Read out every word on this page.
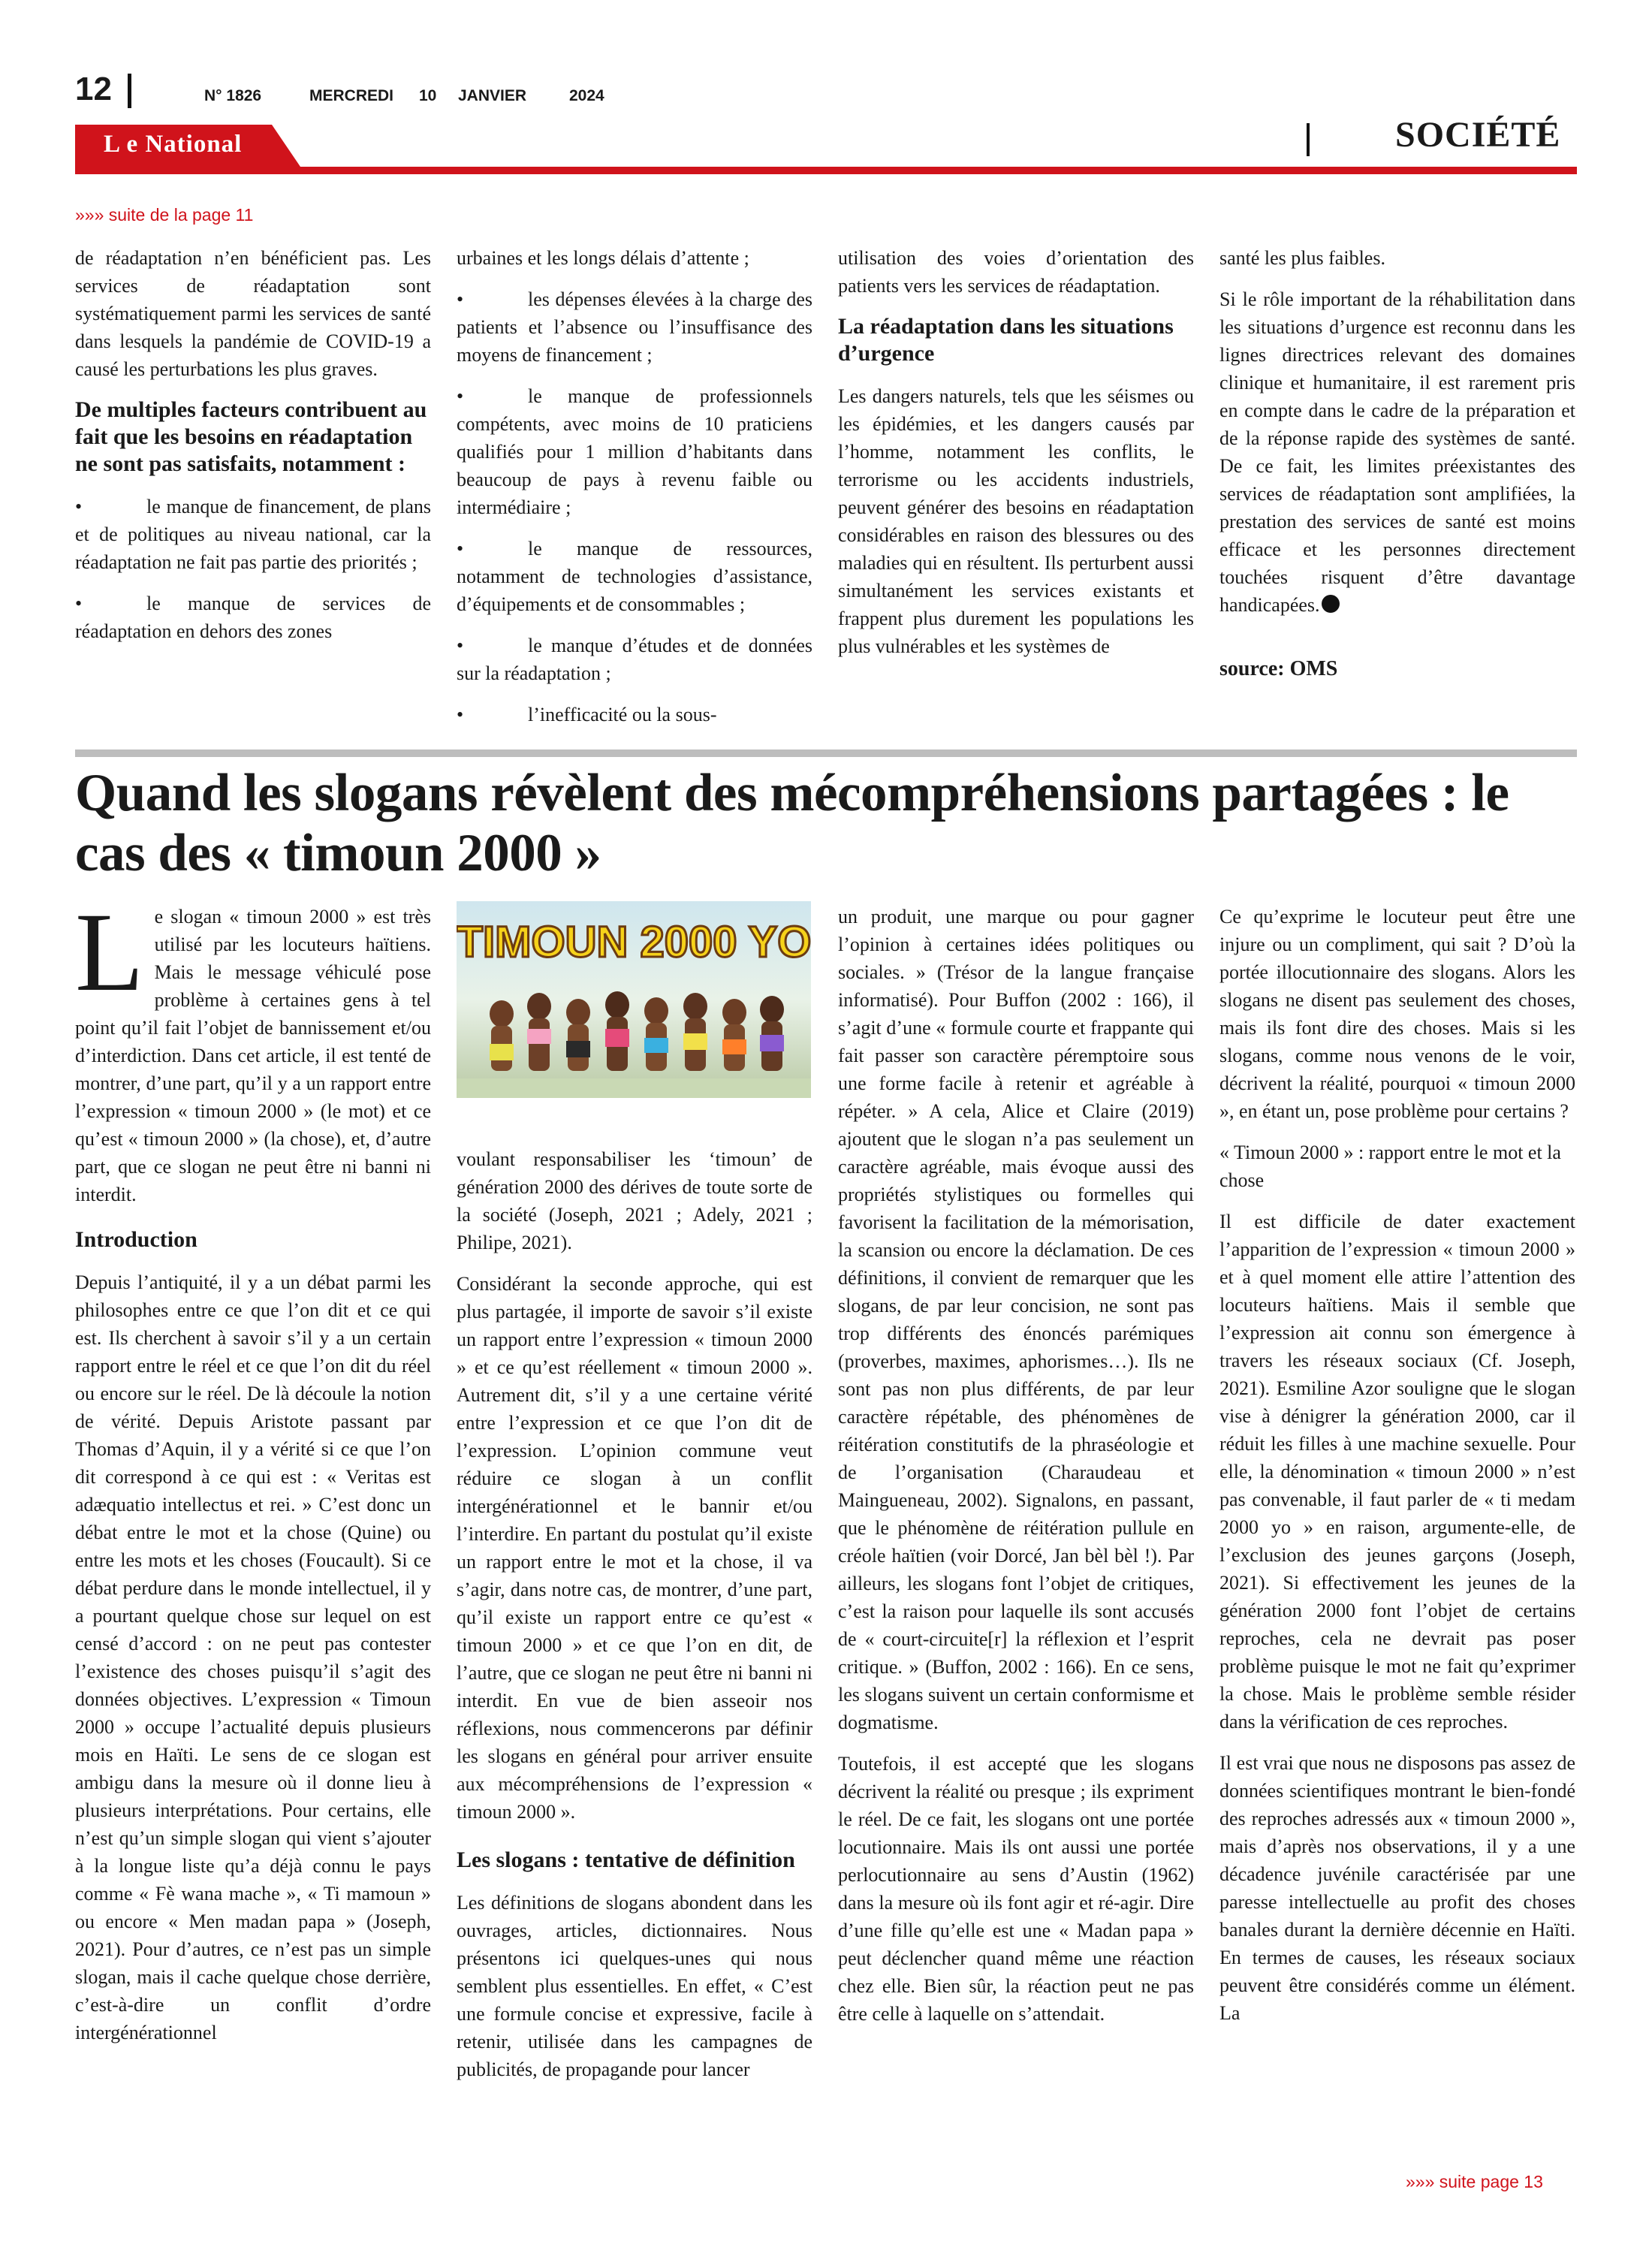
12	N° 1826	MERCREDI 10 JANVIER	2024
L e National	SOCIÉTÉ
»»» suite de la page 11

de réadaptation n’en bénéficient pas. Les services de réadaptation sont systématiquement parmi les services de santé dans lesquels la pandémie de COVID-19 a causé les perturbations les plus graves.

De multiples facteurs contribuent au fait que les besoins en réadaptation ne sont pas satisfaits, notamment :

•	le manque de financement, de plans et de politiques au niveau national, car la réadaptation ne fait pas partie des priorités ;

•	le manque de services de réadaptation en dehors des zones

urbaines et les longs délais d’attente ;

•	les dépenses élevées à la charge des patients et l’absence ou l’insuffisance des moyens de financement ;

•	le manque de professionnels compétents, avec moins de 10 praticiens qualifiés pour 1 million d’habitants dans beaucoup de pays à revenu faible ou intermédiaire ;

•	le manque de ressources, notamment de technologies d’assistance, d’équipements et de consommables ;

•	le manque d’études et de données sur la réadaptation ;

•	l’inefficacité ou la sous-

utilisation des voies d’orientation des patients vers les services de réadaptation.

La réadaptation dans les situations d’urgence

Les dangers naturels, tels que les séismes ou les épidémies, et les dangers causés par l’homme, notamment les conflits, le terrorisme ou les accidents industriels, peuvent générer des besoins en réadaptation considérables en raison des blessures ou des maladies qui en résultent. Ils perturbent aussi simultanément les services existants et frappent plus durement les populations les plus vulnérables et les systèmes de

santé les plus faibles.

Si le rôle important de la réhabilitation dans les situations d’urgence est reconnu dans les lignes directrices relevant des domaines clinique et humanitaire, il est rarement pris en compte dans le cadre de la préparation et de la réponse rapide des systèmes de santé. De ce fait, les limites préexistantes des services de réadaptation sont amplifiées, la prestation des services de santé est moins efficace et les personnes directement touchées risquent d’être davantage handicapées.

source: OMS

Quand les slogans révèlent des mécompréhensions partagées : le cas des « timoun 2000 »

Le slogan « timoun 2000 » est très utilisé par les locuteurs haïtiens. Mais le message véhiculé pose problème à certaines gens à tel point qu’il fait l’objet de bannissement et/ou d’interdiction. Dans cet article, il est tenté de montrer, d’une part, qu’il y a un rapport entre l’expression « timoun 2000 » (le mot) et ce qu’est « timoun 2000 » (la chose), et, d’autre part, que ce slogan ne peut être ni banni ni interdit.

Introduction

Depuis l’antiquité, il y a un débat parmi les philosophes entre ce que l’on dit et ce qui est. Ils cherchent à savoir s’il y a un certain rapport entre le réel et ce que l’on dit du réel ou encore sur le réel. De là découle la notion de vérité. Depuis Aristote passant par Thomas d’Aquin, il y a vérité si ce que l’on dit correspond à ce qui est : « Veritas est adæquatio intellectus et rei. » C’est donc un débat entre le mot et la chose (Quine) ou entre les mots et les choses (Foucault). Si ce débat perdure dans le monde intellectuel, il y a pourtant quelque chose sur lequel on est censé d’accord : on ne peut pas contester l’existence des choses puisqu’il s’agit des données objectives. L’expression « Timoun 2000 » occupe l’actualité depuis plusieurs mois en Haïti. Le sens de ce slogan est ambigu dans la mesure où il donne lieu à plusieurs interprétations. Pour certains, elle n’est qu’un simple slogan qui vient s’ajouter à la longue liste qu’a déjà connu le pays comme « Fè wana mache », « Ti mamoun » ou encore « Men madan papa » (Joseph, 2021). Pour d’autres, ce n’est pas un simple slogan, mais il cache quelque chose derrière, c’est-à-dire un conflit d’ordre intergénérationnel

TIMOUN 2000 YO

voulant responsabiliser les ‘timoun’ de génération 2000 des dérives de toute sorte de la société (Joseph, 2021 ; Adely, 2021 ; Philipe, 2021).

Considérant la seconde approche, qui est plus partagée, il importe de savoir s’il existe un rapport entre l’expression « timoun 2000 » et ce qu’est réellement « timoun 2000 ». Autrement dit, s’il y a une certaine vérité entre l’expression et ce que l’on dit de l’expression. L’opinion commune veut réduire ce slogan à un conflit intergénérationnel et le bannir et/ou l’interdire. En partant du postulat qu’il existe un rapport entre le mot et la chose, il va s’agir, dans notre cas, de montrer, d’une part, qu’il existe un rapport entre ce qu’est « timoun 2000 » et ce que l’on en dit, de l’autre, que ce slogan ne peut être ni banni ni interdit. En vue de bien asseoir nos réflexions, nous commencerons par définir les slogans en général pour arriver ensuite aux mécompréhensions de l’expression « timoun 2000 ».

Les slogans : tentative de définition

Les définitions de slogans abondent dans les ouvrages, articles, dictionnaires. Nous présentons ici quelques-unes qui nous semblent plus essentielles. En effet, « C’est une formule concise et expressive, facile à retenir, utilisée dans les campagnes de publicités, de propagande pour lancer

un produit, une marque ou pour gagner l’opinion à certaines idées politiques ou sociales. » (Trésor de la langue française informatisé). Pour Buffon (2002 : 166), il s’agit d’une « formule courte et frappante qui fait passer son caractère péremptoire sous une forme facile à retenir et agréable à répéter. » A cela, Alice et Claire (2019) ajoutent que le slogan n’a pas seulement un caractère agréable, mais évoque aussi des propriétés stylistiques ou formelles qui favorisent la facilitation de la mémorisation, la scansion ou encore la déclamation. De ces définitions, il convient de remarquer que les slogans, de par leur concision, ne sont pas trop différents des énoncés parémiques (proverbes, maximes, aphorismes…). Ils ne sont pas non plus différents, de par leur caractère répétable, des phénomènes de réitération constitutifs de la phraséologie et de l’organisation (Charaudeau et Maingueneau, 2002). Signalons, en passant, que le phénomène de réitération pullule en créole haïtien (voir Dorcé, Jan bèl bèl !). Par ailleurs, les slogans font l’objet de critiques, c’est la raison pour laquelle ils sont accusés de « court-circuite[r] la réflexion et l’esprit critique. » (Buffon, 2002 : 166). En ce sens, les slogans suivent un certain conformisme et dogmatisme.

Toutefois, il est accepté que les slogans décrivent la réalité ou presque ; ils expriment le réel. De ce fait, les slogans ont une portée locutionnaire. Mais ils ont aussi une portée perlocutionnaire au sens d’Austin (1962) dans la mesure où ils font agir et ré-agir. Dire d’une fille qu’elle est une « Madan papa » peut déclencher quand même une réaction chez elle. Bien sûr, la réaction peut ne pas être celle à laquelle on s’attendait.

Ce qu’exprime le locuteur peut être une injure ou un compliment, qui sait ? D’où la portée illocutionnaire des slogans. Alors les slogans ne disent pas seulement des choses, mais ils font dire des choses. Mais si les slogans, comme nous venons de le voir, décrivent la réalité, pourquoi « timoun 2000 », en étant un, pose problème pour certains ?

« Timoun 2000 » : rapport entre le mot et la chose

Il est difficile de dater exactement l’apparition de l’expression « timoun 2000 » et à quel moment elle attire l’attention des locuteurs haïtiens. Mais il semble que l’expression ait connu son émergence à travers les réseaux sociaux (Cf. Joseph, 2021). Esmiline Azor souligne que le slogan vise à dénigrer la génération 2000, car il réduit les filles à une machine sexuelle. Pour elle, la dénomination « timoun 2000 » n’est pas convenable, il faut parler de « ti medam 2000 yo » en raison, argumente-elle, de l’exclusion des jeunes garçons (Joseph, 2021). Si effectivement les jeunes de la génération 2000 font l’objet de certains reproches, cela ne devrait pas poser problème puisque le mot ne fait qu’exprimer la chose. Mais le problème semble résider dans la vérification de ces reproches.

Il est vrai que nous ne disposons pas assez de données scientifiques montrant le bien-fondé des reproches adressés aux « timoun 2000 », mais d’après nos observations, il y a une décadence juvénile caractérisée par une paresse intellectuelle au profit des choses banales durant la dernière décennie en Haïti. En termes de causes, les réseaux sociaux peuvent être considérés comme un élément. La

»»» suite page 13
